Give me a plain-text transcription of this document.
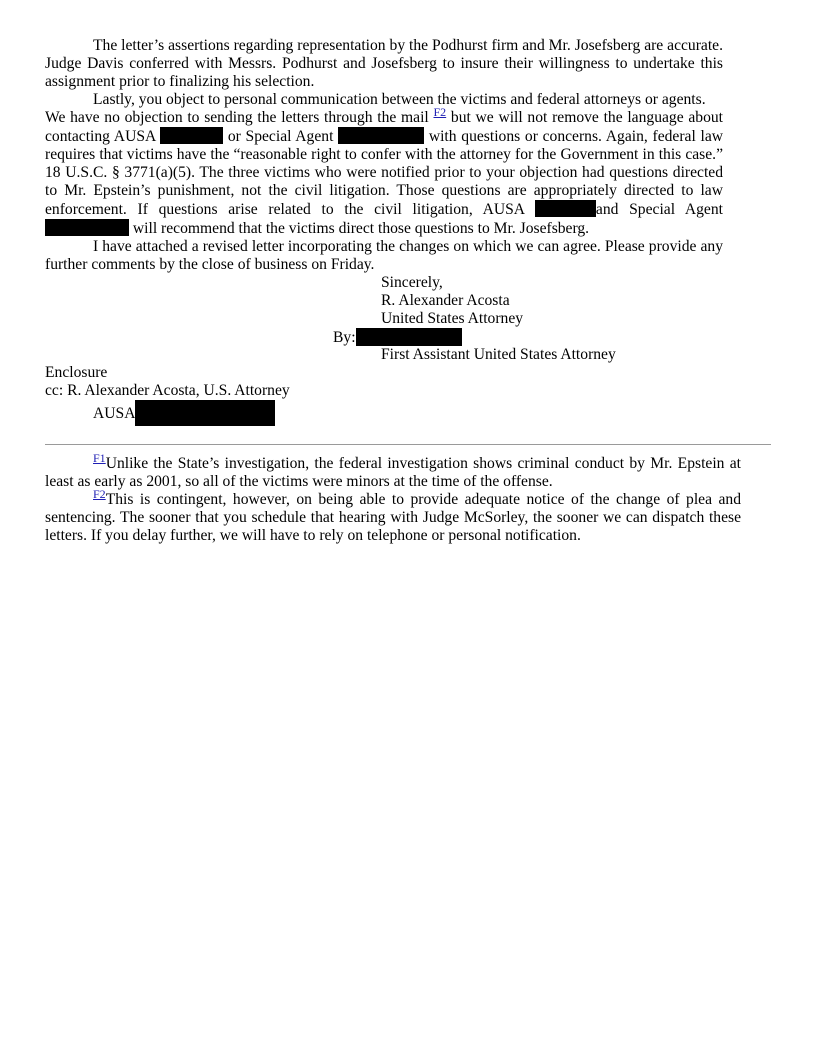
The letter’s assertions regarding representation by the Podhurst firm and Mr. Josefsberg are accurate. Judge Davis conferred with Messrs. Podhurst and Josefsberg to insure their willingness to undertake this assignment prior to finalizing his selection.

Lastly, you object to personal communication between the victims and federal attorneys or agents.

We have no objection to sending the letters through the mail $^{F2}$ but we will not remove the language about contacting AUSA	or Special Agent	with questions or concerns. Again, federal law requires that victims have the “reasonable right to confer with the attorney for the Government in this case.” 18 U.S.C. § 3771(a)(5). The three victims who were notified prior to your objection had questions directed to Mr. Epstein’s punishment, not the civil litigation. Those questions are appropriately directed to law enforcement. If questions arise related to the civil litigation, AUSA	and Special Agent  will recommend that the victims direct those questions to Mr. Josefsberg.

I have attached a revised letter incorporating the changes on which we can agree. Please provide any further comments by the close of business on Friday.

Sincerely,
R. Alexander Acosta
United States Attorney
By:
First Assistant United States Attorney
Enclosure
cc: R. Alexander Acosta, U.S. Attorney
AUSA

$^{F1}$Unlike the State’s investigation, the federal investigation shows criminal conduct by Mr. Epstein at least as early as 2001, so all of the victims were minors at the time of the offense.

$^{F2}$This is contingent, however, on being able to provide adequate notice of the change of plea and sentencing. The sooner that you schedule that hearing with Judge McSorley, the sooner we can dispatch these letters. If you delay further, we will have to rely on telephone or personal notification.
